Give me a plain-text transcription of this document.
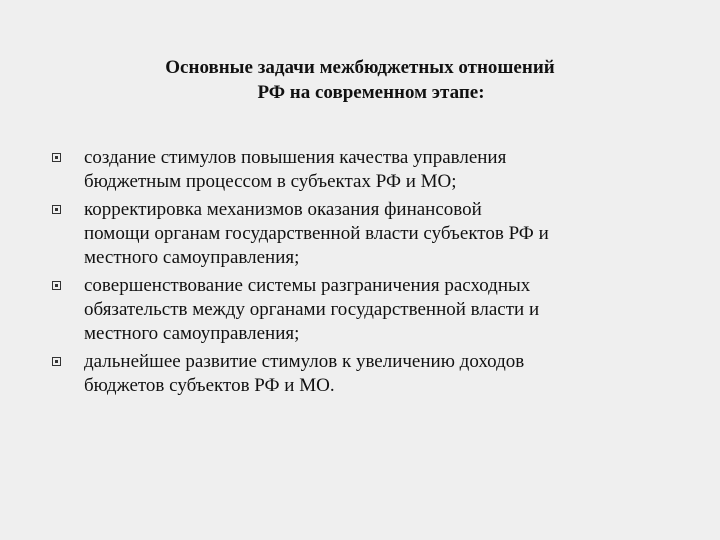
Основные задачи межбюджетных отношений
РФ на современном этапе:
создание стимулов повышения качества управления
бюджетным процессом в субъектах РФ и МО;
корректировка механизмов оказания финансовой
помощи органам государственной власти субъектов РФ и
местного самоуправления;
совершенствование системы разграничения расходных
обязательств между органами государственной власти и
местного самоуправления;
дальнейшее развитие стимулов к увеличению доходов
бюджетов субъектов РФ и МО.
